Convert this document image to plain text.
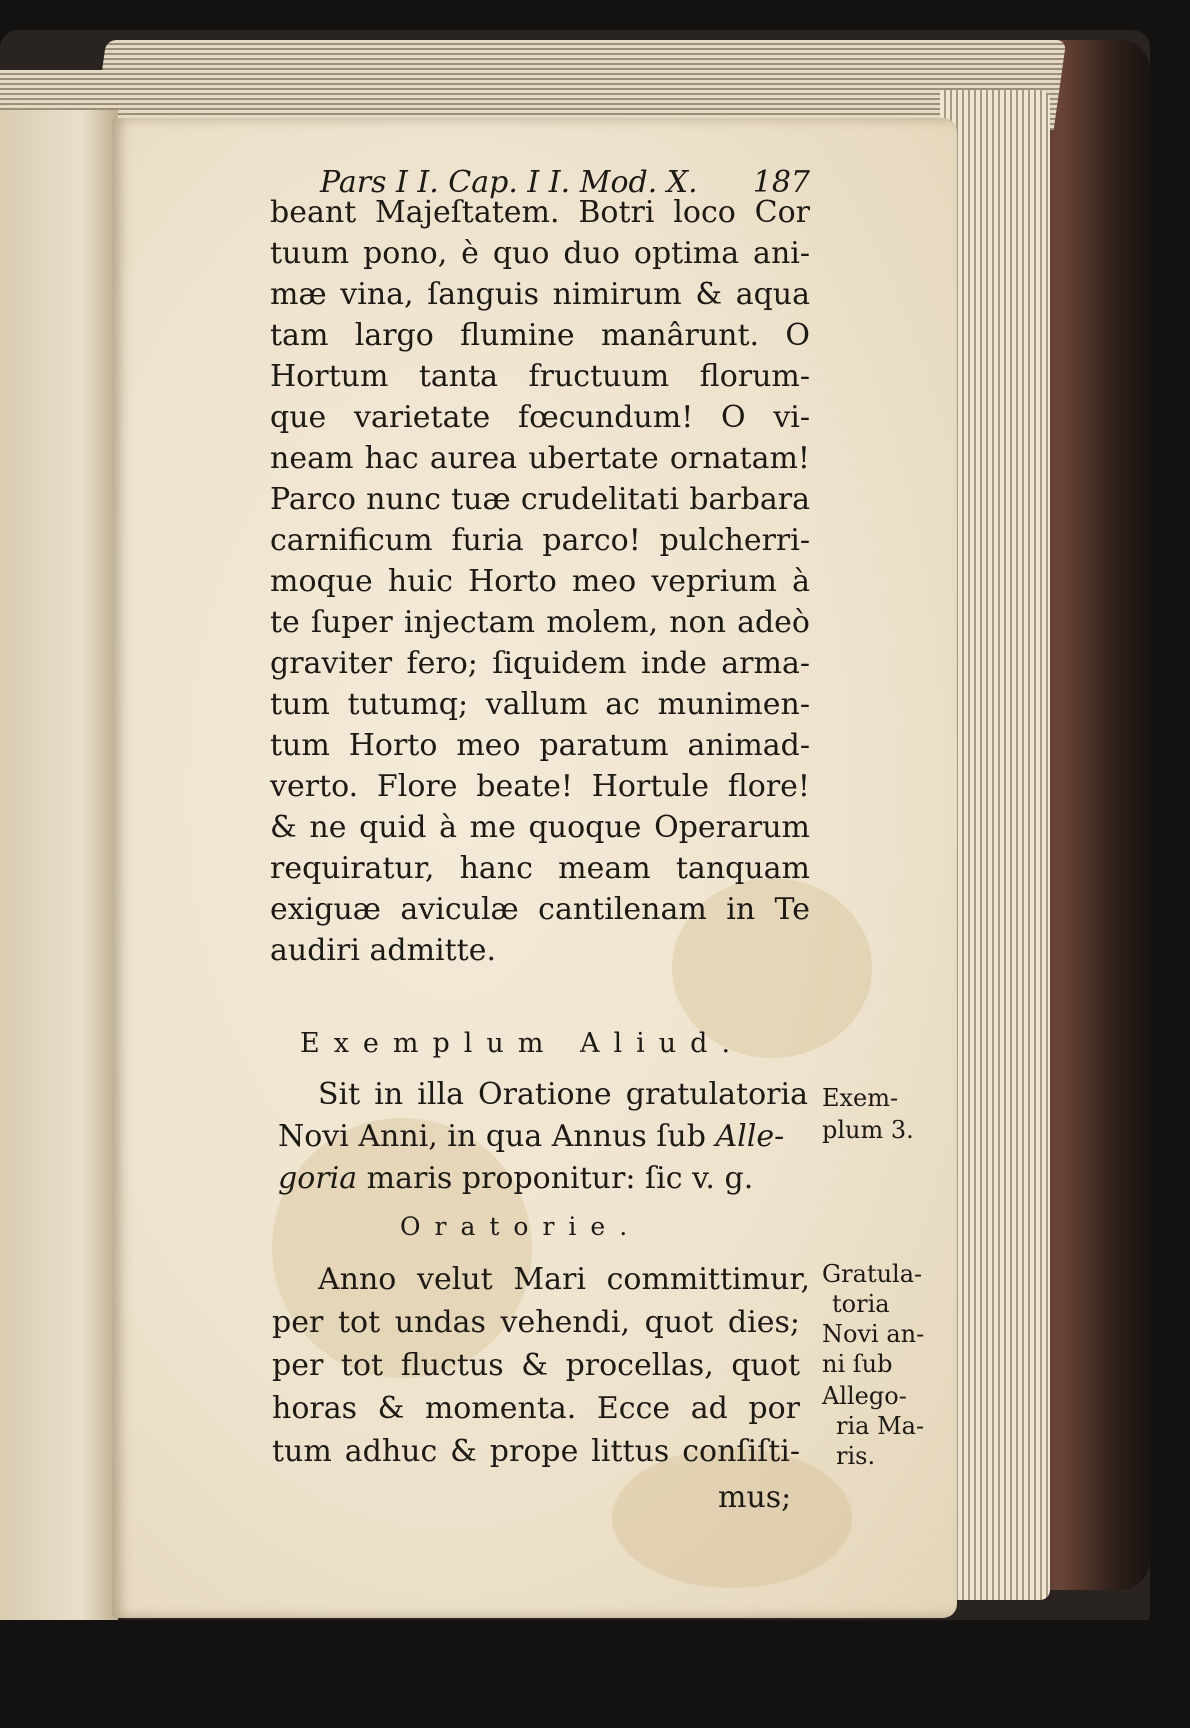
Pars I I. Cap. I I. Mod. X. 187
beant Majeſtatem. Botri loco Cor
tuum pono, è quo duo optima ani-
mæ vina, ſanguis nimirum & aqua
tam largo flumine manârunt. O
Hortum tanta fructuum florum-
que varietate fœcundum! O vi-
neam hac aurea ubertate ornatam!
Parco nunc tuæ crudelitati barbara
carnificum furia parco! pulcherri-
moque huic Horto meo veprium à
te ſuper injectam molem, non adeò
graviter fero; ſiquidem inde arma-
tum tutumq; vallum ac munimen-
tum Horto meo paratum animad-
verto. Flore beate! Hortule flore!
& ne quid à me quoque Operarum
requiratur, hanc meam tanquam
exiguæ aviculæ cantilenam in Te
audiri admitte.
Exemplum Aliud.
Sit in illa Oratione gratulatoria
Novi Anni, in qua Annus ſub Alle-
goria maris proponitur: ſic v. g.
Oratorie.
Anno velut Mari committimur,
per tot undas vehendi, quot dies;
per tot fluctus & procellas, quot
horas & momenta. Ecce ad por
tum adhuc & prope littus conſiſti-
mus;
Exem-
plum 3.
Gratula-
toria
Novi an-
ni ſub
Allego-
ria Ma-
ris.
